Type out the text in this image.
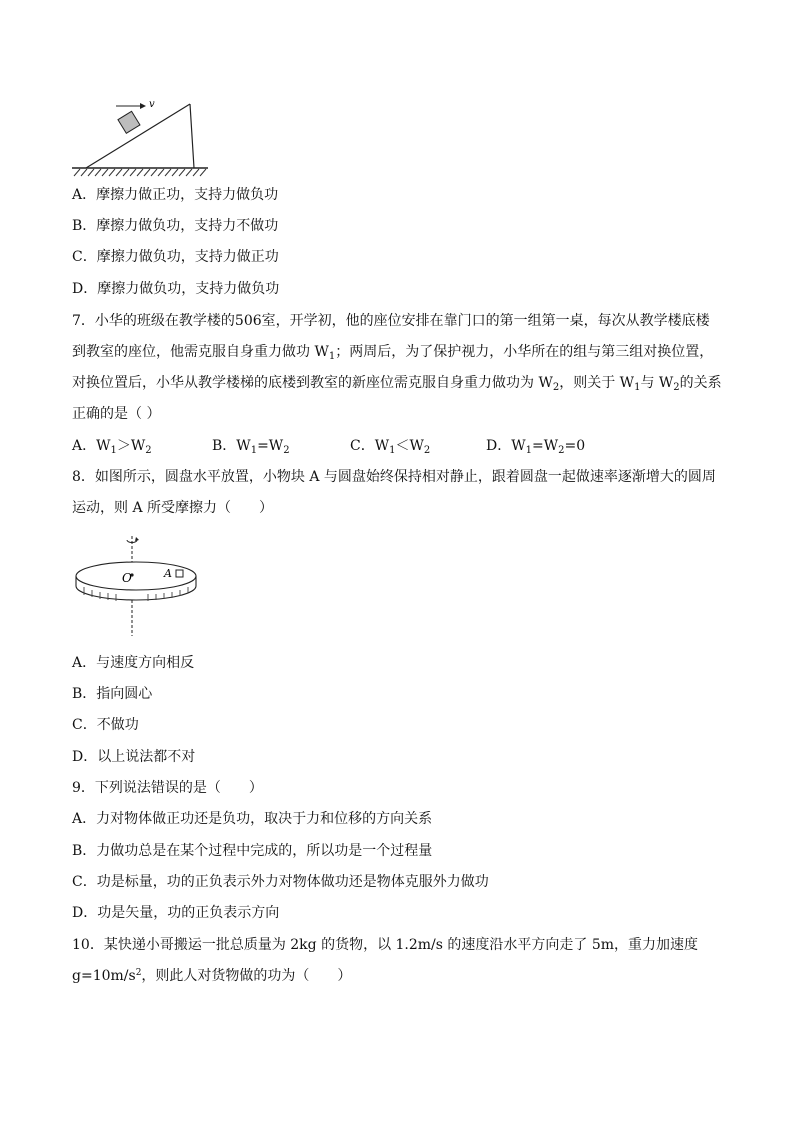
v
A．摩擦力做正功，支持力做负功
B．摩擦力做负功，支持力不做功
C．摩擦力做负功，支持力做正功
D．摩擦力做负功，支持力做负功
7．小华的班级在教学楼的506室，开学初，他的座位安排在靠门口的第一组第一桌，每次从教学楼底楼
到教室的座位，他需克服自身重力做功 $W_1$；两周后，为了保护视力，小华所在的组与第三组对换位置，
对换位置后，小华从教学楼梯的底楼到教室的新座位需克服自身重力做功为 $W_2$，则关于 $W_1$与 $W_2$的关系
正确的是（ ）
A．$W_1>W_2$	B．$W_1=W_2$	C．$W_1<W_2$	D．$W_1=W_2=0$
8．如图所示，圆盘水平放置，小物块 A 与圆盘始终保持相对静止，跟着圆盘一起做速率逐渐增大的圆周
运动，则 A 所受摩擦力（　　）
O	A
A．与速度方向相反
B．指向圆心
C．不做功
D．以上说法都不对
9．下列说法错误的是（　　）
A．力对物体做正功还是负功，取决于力和位移的方向关系
B．力做功总是在某个过程中完成的，所以功是一个过程量
C．功是标量，功的正负表示外力对物体做功还是物体克服外力做功
D．功是矢量，功的正负表示方向
10．某快递小哥搬运一批总质量为 2kg 的货物，以 1.2m/s 的速度沿水平方向走了 5m，重力加速度
$g=10m/s^2$，则此人对货物做的功为（　　）
